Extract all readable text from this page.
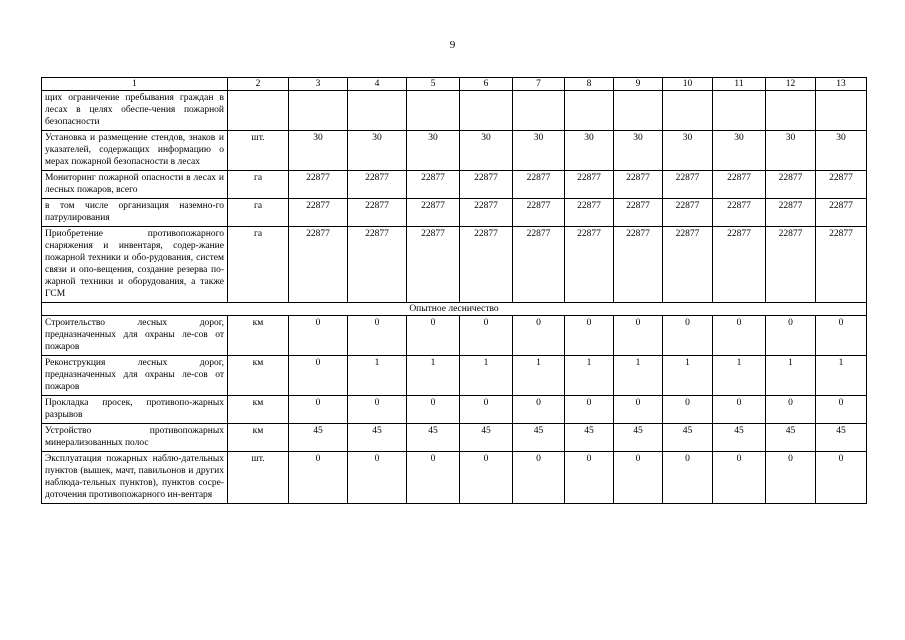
9
1	2	3	4	5	6	7	8	9	10	11	12	13
щих ограничение пребывания граждан в лесах в целях обеспе-чения пожарной безопасности												
Установка и размещение стендов, знаков и указателей, содержащих информацию о мерах пожарной безопасности в лесах	шт.	30	30	30	30	30	30	30	30	30	30	30
Мониторинг пожарной опасности в лесах и лесных пожаров, всего	га	22877	22877	22877	22877	22877	22877	22877	22877	22877	22877	22877
в том числе организация наземно-го патрулирования	га	22877	22877	22877	22877	22877	22877	22877	22877	22877	22877	22877
Приобретение противопожарного снаряжения и инвентаря, содер-жание пожарной техники и обо-рудования, систем связи и опо-вещения, создание резерва по-жарной техники и оборудования, а также ГСМ	га	22877	22877	22877	22877	22877	22877	22877	22877	22877	22877	22877
Опытное лесничество												
Строительство лесных дорог, предназначенных для охраны ле-сов от пожаров	км	0	0	0	0	0	0	0	0	0	0	0
Реконструкция лесных дорог, предназначенных для охраны ле-сов от пожаров	км	0	1	1	1	1	1	1	1	1	1	1
Прокладка просек, противопо-жарных разрывов	км	0	0	0	0	0	0	0	0	0	0	0
Устройство противопожарных минерализованных полос	км	45	45	45	45	45	45	45	45	45	45	45
Эксплуатация пожарных наблю-дательных пунктов (вышек, мачт, павильонов и других наблюда-тельных пунктов), пунктов сосре-доточения противопожарного ин-вентаря	шт.	0	0	0	0	0	0	0	0	0	0	0
